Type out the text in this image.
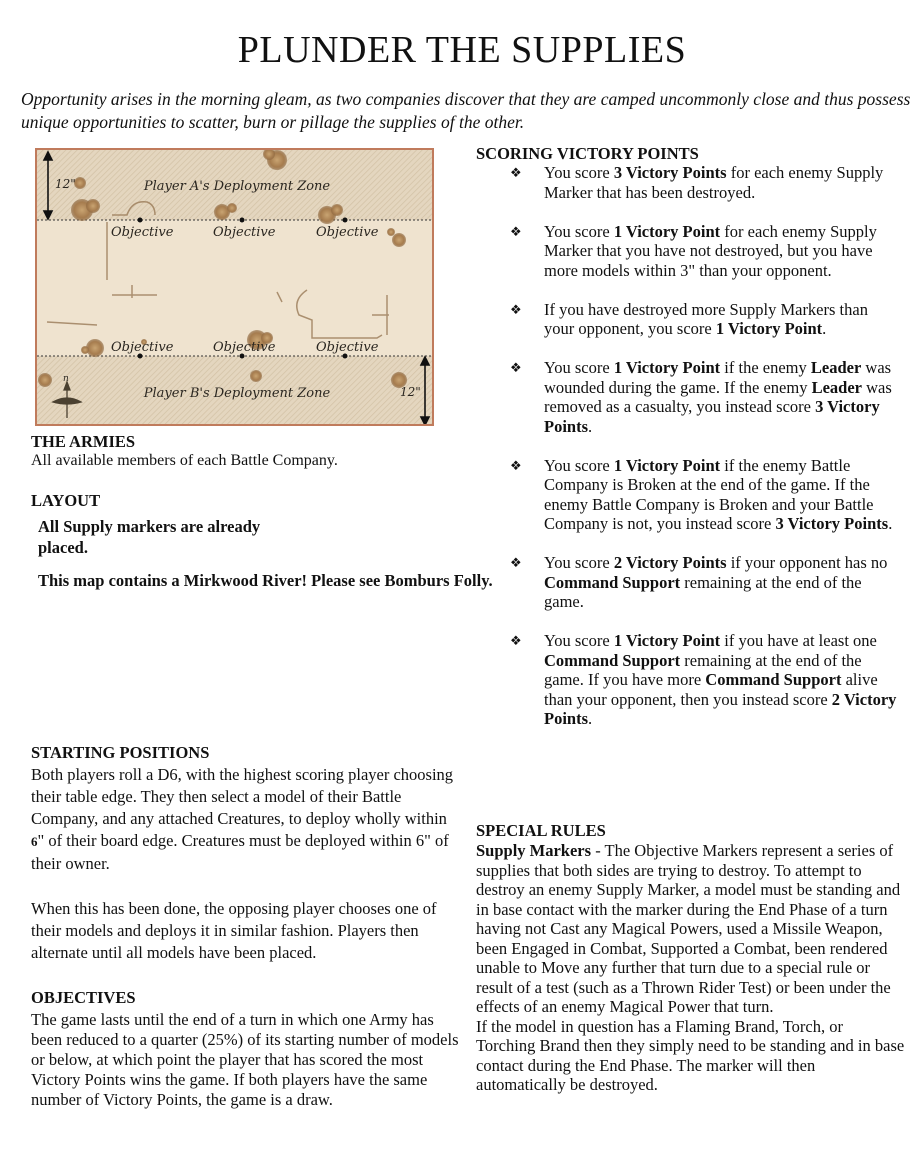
PLUNDER THE SUPPLIES
Opportunity arises in the morning gleam, as two companies discover that they are camped uncommonly close and thus possess unique opportunities to scatter, burn or pillage the supplies of the other.
n
12"
12"
Player A's Deployment Zone
Player B's Deployment Zone
Objective	Objective	Objective
Objective	Objective	Objective
THE ARMIES
All available members of each Battle Company.
LAYOUT
All Supply markers are already placed.
This map contains a Mirkwood River! Please see Bomburs Folly.
STARTING POSITIONS
Both players roll a D6, with the highest scoring player choosing their table edge. They then select a model of their Battle Company, and any attached Creatures, to deploy wholly within 6" of their board edge. Creatures must be deployed within 6" of their owner.
When this has been done, the opposing player chooses one of their models and deploys it in similar fashion. Players then alternate until all models have been placed.
OBJECTIVES
The game lasts until the end of a turn in which one Army has been reduced to a quarter (25%) of its starting number of models or below, at which point the player that has scored the most Victory Points wins the game. If both players have the same number of Victory Points, the game is a draw.
SCORING VICTORY POINTS
❖ You score 3 Victory Points for each enemy Supply Marker that has been destroyed.
❖ You score 1 Victory Point for each enemy Supply Marker that you have not destroyed, but you have more models within 3" than your opponent.
❖ If you have destroyed more Supply Markers than your opponent, you score 1 Victory Point.
❖ You score 1 Victory Point if the enemy Leader was wounded during the game. If the enemy Leader was removed as a casualty, you instead score 3 Victory Points.
❖ You score 1 Victory Point if the enemy Battle Company is Broken at the end of the game. If the enemy Battle Company is Broken and your Battle Company is not, you instead score 3 Victory Points.
❖ You score 2 Victory Points if your opponent has no Command Support remaining at the end of the game.
❖ You score 1 Victory Point if you have at least one Command Support remaining at the end of the game. If you have more Command Support alive than your opponent, then you instead score 2 Victory Points.
SPECIAL RULES
Supply Markers - The Objective Markers represent a series of supplies that both sides are trying to destroy. To attempt to destroy an enemy Supply Marker, a model must be standing and in base contact with the marker during the End Phase of a turn having not Cast any Magical Powers, used a Missile Weapon, been Engaged in Combat, Supported a Combat, been rendered unable to Move any further that turn due to a special rule or result of a test (such as a Thrown Rider Test) or been under the effects of an enemy Magical Power that turn.
If the model in question has a Flaming Brand, Torch, or Torching Brand then they simply need to be standing and in base contact during the End Phase. The marker will then automatically be destroyed.
